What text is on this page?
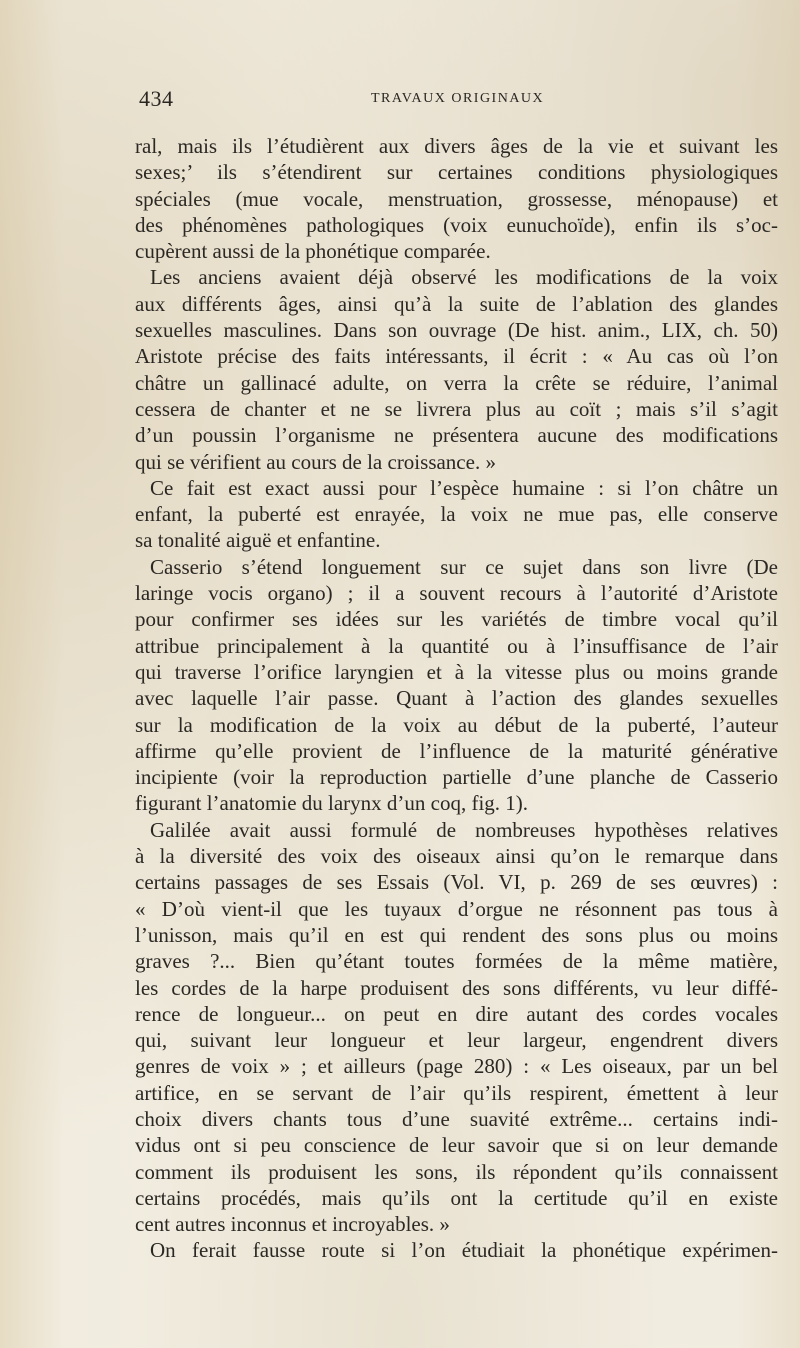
434	TRAVAUX ORIGINAUX
ral, mais ils l’étudièrent aux divers âges de la vie et suivant les
sexes;’ ils s’étendirent sur certaines conditions physiologiques
spéciales (mue vocale, menstruation, grossesse, ménopause) et
des phénomènes pathologiques (voix eunuchoïde), enfin ils s’oc-
cupèrent aussi de la phonétique comparée.
Les anciens avaient déjà observé les modifications de la voix
aux différents âges, ainsi qu’à la suite de l’ablation des glandes
sexuelles masculines. Dans son ouvrage (De hist. anim., LIX, ch. 50)
Aristote précise des faits intéressants, il écrit : « Au cas où l’on
châtre un gallinacé adulte, on verra la crête se réduire, l’animal
cessera de chanter et ne se livrera plus au coït ; mais s’il s’agit
d’un poussin l’organisme ne présentera aucune des modifications
qui se vérifient au cours de la croissance. »
Ce fait est exact aussi pour l’espèce humaine : si l’on châtre un
enfant, la puberté est enrayée, la voix ne mue pas, elle conserve
sa tonalité aiguë et enfantine.
Casserio s’étend longuement sur ce sujet dans son livre (De
laringe vocis organo) ; il a souvent recours à l’autorité d’Aristote
pour confirmer ses idées sur les variétés de timbre vocal qu’il
attribue principalement à la quantité ou à l’insuffisance de l’air
qui traverse l’orifice laryngien et à la vitesse plus ou moins grande
avec laquelle l’air passe. Quant à l’action des glandes sexuelles
sur la modification de la voix au début de la puberté, l’auteur
affirme qu’elle provient de l’influence de la maturité générative
incipiente (voir la reproduction partielle d’une planche de Casserio
figurant l’anatomie du larynx d’un coq, fig. 1).
Galilée avait aussi formulé de nombreuses hypothèses relatives
à la diversité des voix des oiseaux ainsi qu’on le remarque dans
certains passages de ses Essais (Vol. VI, p. 269 de ses œuvres) :
« D’où vient-il que les tuyaux d’orgue ne résonnent pas tous à
l’unisson, mais qu’il en est qui rendent des sons plus ou moins
graves ?... Bien qu’étant toutes formées de la même matière,
les cordes de la harpe produisent des sons différents, vu leur diffé-
rence de longueur... on peut en dire autant des cordes vocales
qui, suivant leur longueur et leur largeur, engendrent divers
genres de voix » ; et ailleurs (page 280) : « Les oiseaux, par un bel
artifice, en se servant de l’air qu’ils respirent, émettent à leur
choix divers chants tous d’une suavité extrême... certains indi-
vidus ont si peu conscience de leur savoir que si on leur demande
comment ils produisent les sons, ils répondent qu’ils connaissent
certains procédés, mais qu’ils ont la certitude qu’il en existe
cent autres inconnus et incroyables. »
On ferait fausse route si l’on étudiait la phonétique expérimen-
